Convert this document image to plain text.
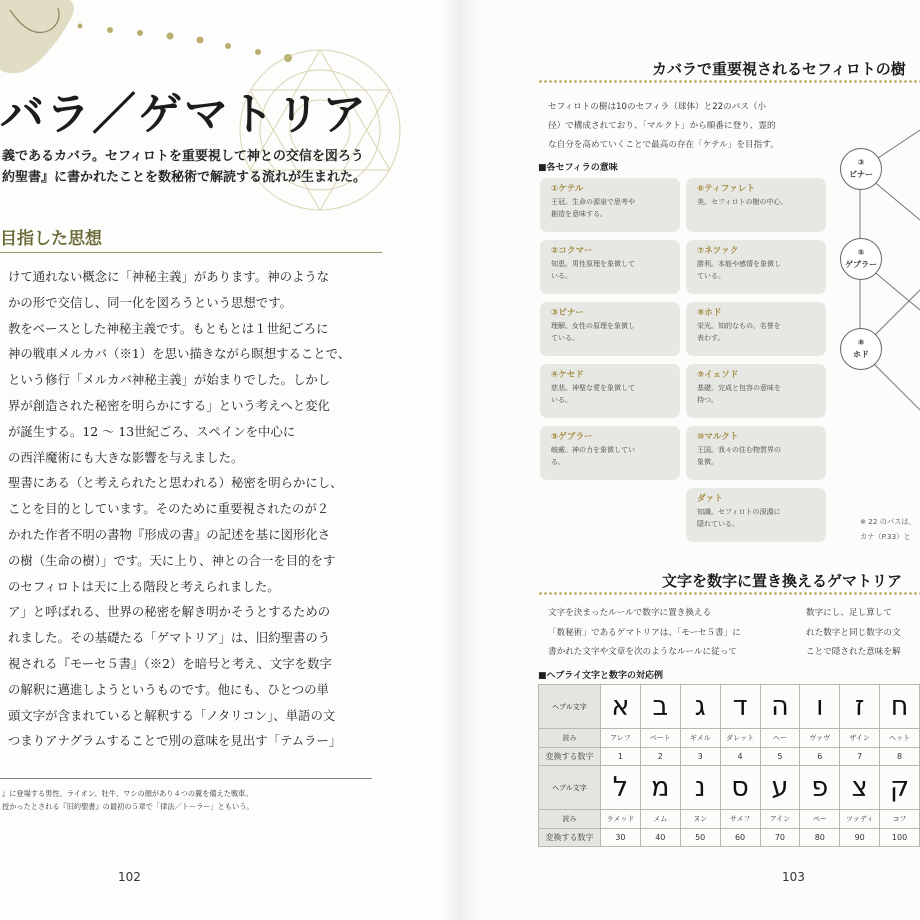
バラ／ゲマトリア
義であるカバラ。セフィロトを重要視して神との交信を図ろう
約聖書』に書かれたことを数秘術で解読する流れが生まれた。
目指した思想
けて通れない概念に「神秘主義」があります。神のような
かの形で交信し、同一化を図ろうという思想です。
教をベースとした神秘主義です。もともとは１世紀ごろに
神の戦車メルカバ（※1）を思い描きながら瞑想することで、
という修行「メルカバ神秘主義」が始まりでした。しかし
界が創造された秘密を明らかにする」という考えへと変化
が誕生する。12 ～ 13世紀ごろ、スペインを中心に
の西洋魔術にも大きな影響を与えました。
聖書にある（と考えられたと思われる）秘密を明らかにし、
ことを目的としています。そのために重要視されたのが２
かれた作者不明の書物『形成の書』の記述を基に図形化さ
の樹（生命の樹）」です。天に上り、神との合一を目的をす
のセフィロトは天に上る階段と考えられました。
ア」と呼ばれる、世界の秘密を解き明かそうとするための
れました。その基礎たる「ゲマトリア」は、旧約聖書のう
視される『モーセ５書』（※2）を暗号と考え、文字を数字
の解釈に邁進しようというものです。他にも、ひとつの単
頭文字が含まれていると解釈する「ノタリコン」、単語の文
つまりアナグラムすることで別の意味を見出す「テムラー」
』に登場する男性、ライオン、牡牛、ワシの顔があり４つの翼を備えた戦車。
授かったとされる『旧約聖書』の最初の５章で「律法／トーラー」ともいう。
102
カバラで重要視されるセフィロトの樹
セフィロトの樹は10のセフィラ（球体）と22のパス（小
径）で構成されており、「マルクト」から順番に登り、霊的
な自分を高めていくことで最高の存在「ケテル」を目指す。
■各セフィラの意味
①ケテル
王冠。生命の源泉で思考や
創造を意味する。
⑥ティファレト
美。セフィロトの樹の中心。
②コクマー
知恵。男性原理を象徴して
いる。
⑦ネツァク
勝利。本能や感情を象徴し
ている。
③ビナー
理解。女性の原理を象徴し
ている。
⑧ホド
栄光。知的なもの、名誉を
表わす。
④ケセド
慈悲。神聖な愛を象徴して
いる。
⑨イェソド
基礎。完成と包容の意味を
持つ。
⑤ゲブラー
峻厳。神の力を象徴してい
る。
⑩マルクト
王国。我々の住む物質界の
象徴。
ダァト
知識。セフィロトの深淵に
隠れている。
③
ビナー
⑤
ゲブラー
⑧
ホド
※ 22 のパスは、
カナ（P.33）と
文字を数字に置き換えるゲマトリア
文字を決まったルールで数字に置き換える
「数秘術」であるゲマトリアは、「モーセ５書」に
書かれた文字や文章を次のようなルールに従って
数字にし、足し算して
れた数字と同じ数字の文
ことで隠された意味を解
■ヘブライ文字と数字の対応例
ヘブル文字	א	ב	ג	ד	ה	ו	ז	ח
読み	アレフ	ベート	ギメル	ダレット	ヘー	ヴァヴ	ザイン	ヘット
変換する数字	1	2	3	4	5	6	7	8
ヘブル文字	ל	מ	נ	ס	ע	פ	צ	ק
読み	ラメッド	メム	ヌン	サメフ	アイン	ペー	ツァディ	コフ
変換する数字	30	40	50	60	70	80	90	100
103
